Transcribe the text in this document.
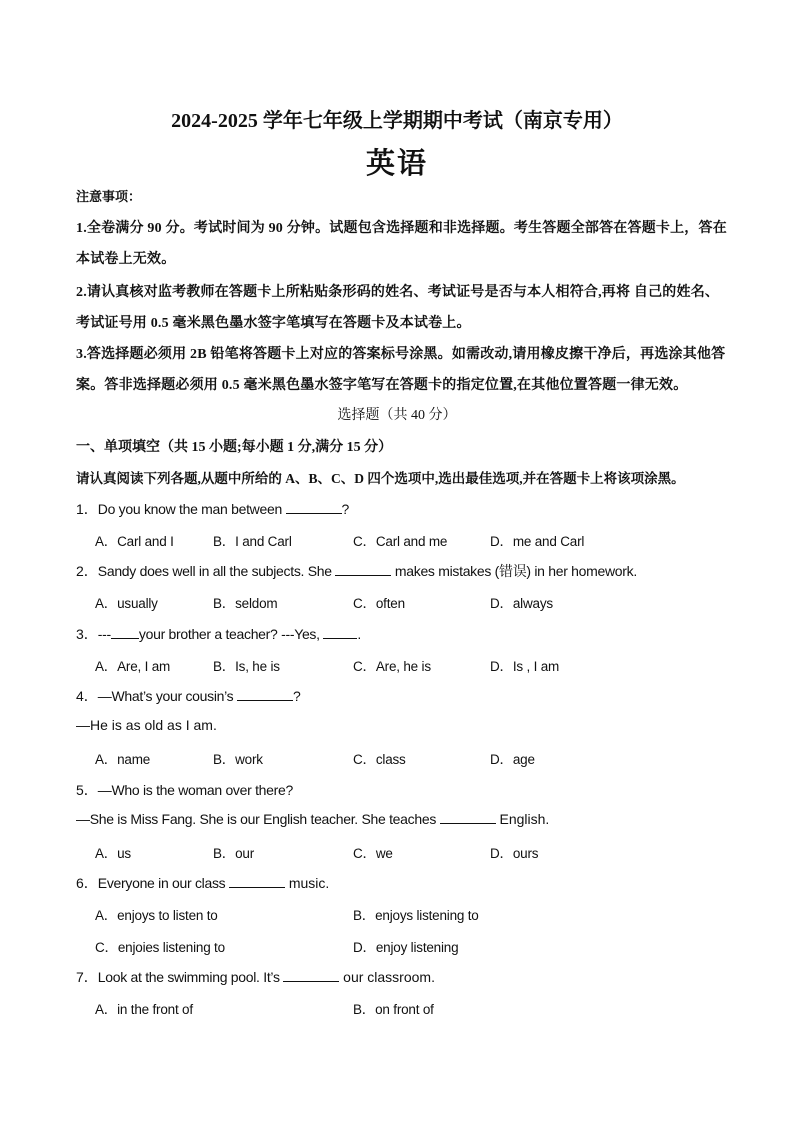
2024-2025 学年七年级上学期期中考试（南京专用）
英语
注意事项：
1.全卷满分 90 分。考试时间为 90 分钟。试题包含选择题和非选择题。考生答题全部答在答题卡上，答在
本试卷上无效。
2.请认真核对监考教师在答题卡上所粘贴条形码的姓名、考试证号是否与本人相符合,再将 自己的姓名、
考试证号用 0.5 毫米黑色墨水签字笔填写在答题卡及本试卷上。
3.答选择题必须用 2B 铅笔将答题卡上对应的答案标号涂黑。如需改动,请用橡皮擦干净后，再选涂其他答
案。答非选择题必须用 0.5 毫米黑色墨水签字笔写在答题卡的指定位置,在其他位置答题一律无效。
选择题（共 40 分）
一、单项填空（共 15 小题;每小题 1 分,满分 15 分）
请认真阅读下列各题,从题中所给的 A、B、C、D 四个选项中,选出最佳选项,并在答题卡上将该项涂黑。
1．Do you know the man between	?
A．Carl and I	B．I and Carl	C．Carl and me	D．me and Carl
2．Sandy does well in all the subjects. She	makes mistakes (错误) in her homework.
A．usually	B．seldom	C．often	D．always
3．--- your brother a teacher? ---Yes, .
A．Are, I am	B．Is, he is	C．Are, he is	D．Is , I am
4．—What’s your cousin’s	?
—He is as old as I am.
A．name	B．work	C．class	D．age
5．—Who is the woman over there?
—She is Miss Fang. She is our English teacher. She teaches	English.
A．us	B．our	C．we	D．ours
6．Everyone in our class	music.
A．enjoys to listen to	B．enjoys listening to
C．enjoies listening to	D．enjoy listening
7．Look at the swimming pool. It’s	our classroom.
A．in the front of	B．on front of
